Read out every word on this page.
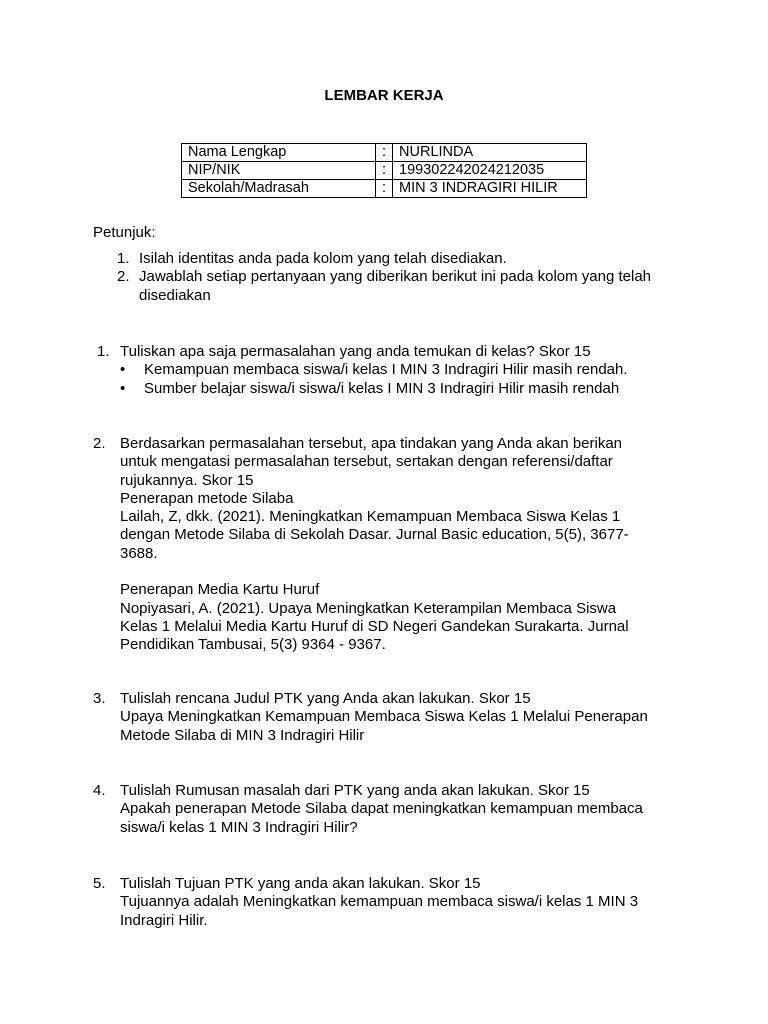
LEMBAR KERJA
Nama Lengkap	:	NURLINDA
NIP/NIK	:	199302242024212035
Sekolah/Madrasah	:	MIN 3 INDRAGIRI HILIR
Petunjuk:
1. Isilah identitas anda pada kolom yang telah disediakan.
2. Jawablah setiap pertanyaan yang diberikan berikut ini pada kolom yang telah disediakan
1. Tuliskan apa saja permasalahan yang anda temukan di kelas? Skor 15
• Kemampuan membaca siswa/i kelas I MIN 3 Indragiri Hilir masih rendah.
• Sumber belajar siswa/i siswa/i kelas I MIN 3 Indragiri Hilir masih rendah
2. Berdasarkan permasalahan tersebut, apa tindakan yang Anda akan berikan untuk mengatasi permasalahan tersebut, sertakan dengan referensi/daftar rujukannya. Skor 15
Penerapan metode Silaba
Lailah, Z, dkk. (2021). Meningkatkan Kemampuan Membaca Siswa Kelas 1 dengan Metode Silaba di Sekolah Dasar. Jurnal Basic education, 5(5), 3677-3688.
Penerapan Media Kartu Huruf
Nopiyasari, A. (2021). Upaya Meningkatkan Keterampilan Membaca Siswa Kelas 1 Melalui Media Kartu Huruf di SD Negeri Gandekan Surakarta. Jurnal Pendidikan Tambusai, 5(3) 9364 - 9367.
3. Tulislah rencana Judul PTK yang Anda akan lakukan. Skor 15
Upaya Meningkatkan Kemampuan Membaca Siswa Kelas 1 Melalui Penerapan Metode Silaba di MIN 3 Indragiri Hilir
4. Tulislah Rumusan masalah dari PTK yang anda akan lakukan. Skor 15
Apakah penerapan Metode Silaba dapat meningkatkan kemampuan membaca siswa/i kelas 1 MIN 3 Indragiri Hilir?
5. Tulislah Tujuan PTK yang anda akan lakukan. Skor 15
Tujuannya adalah Meningkatkan kemampuan membaca siswa/i kelas 1 MIN 3 Indragiri Hilir.
